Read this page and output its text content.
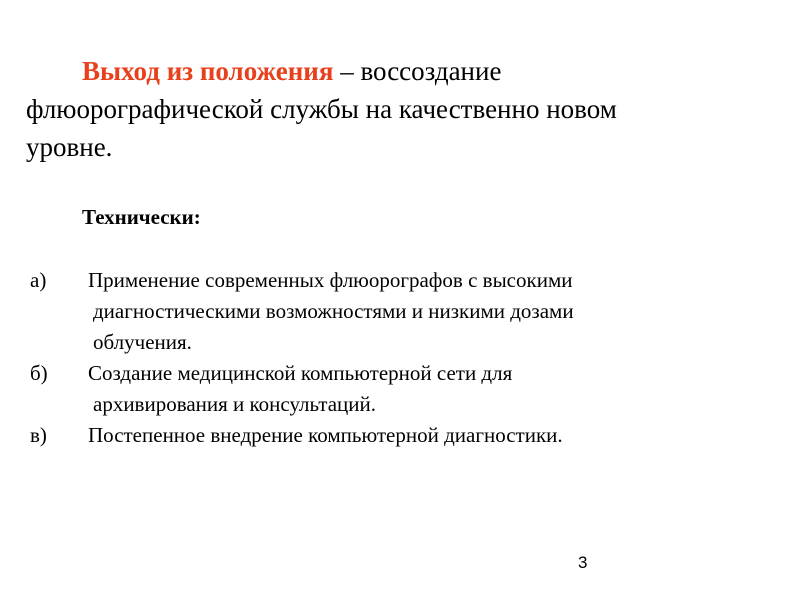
Выход из положения – воссоздание
флюорографической службы на качественно новом
уровне.
Технически:
а) Применение современных флюорографов с высокими
диагностическими возможностями и низкими дозами
облучения.
б) Создание медицинской компьютерной сети для
архивирования и консультаций.
в) Постепенное внедрение компьютерной диагностики.
3
